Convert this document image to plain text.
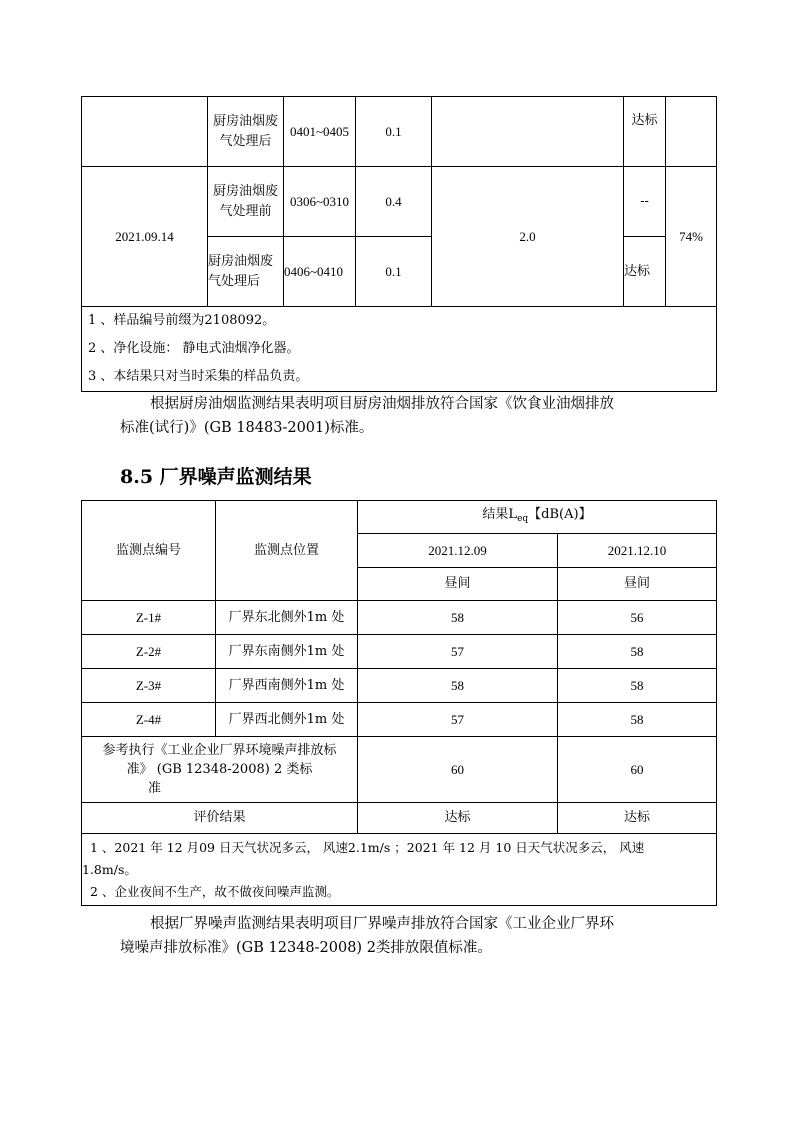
	厨房油烟废气处理后	0401~0405	0.1		达标	
2021.09.14	厨房油烟废气处理前	0306~0310	0.4	2.0	--	74%
	厨房油烟废气处理后	0406~0410	0.1		达标	

1 、样品编号前缀为2108092。
2 、净化设施： 静电式油烟净化器。
3 、本结果只对当时采集的样品负责。						
根据厨房油烟监测结果表明项目厨房油烟排放符合国家《饮食业油烟排放
标准(试行)》(GB 18483-2001)标准。
8.5 厂界噪声监测结果
监测点编号	监测点位置	结果$L_{eq}$【dB(A)】	
		2021.12.09	2021.12.10
		昼间	昼间
Z-1#	厂界东北侧外1m 处	58	56
Z-2#	厂界东南侧外1m 处	57	58
Z-3#	厂界西南侧外1m 处	58	58
Z-4#	厂界西北侧外1m 处	57	58

参考执行《工业企业厂界环境噪声排放标
准》 (GB 12348-2008) 2 类标
准		60	60
评价结果		达标	达标

1 、2021 年 12 月09 日天气状况多云， 风速2.1m/s ；2021 年 12 月 10 日天气状况多云， 风速
1.8m/s。
2 、企业夜间不生产，故不做夜间噪声监测。			
根据厂界噪声监测结果表明项目厂界噪声排放符合国家《工业企业厂界环
境噪声排放标准》(GB 12348-2008) 2类排放限值标准。
